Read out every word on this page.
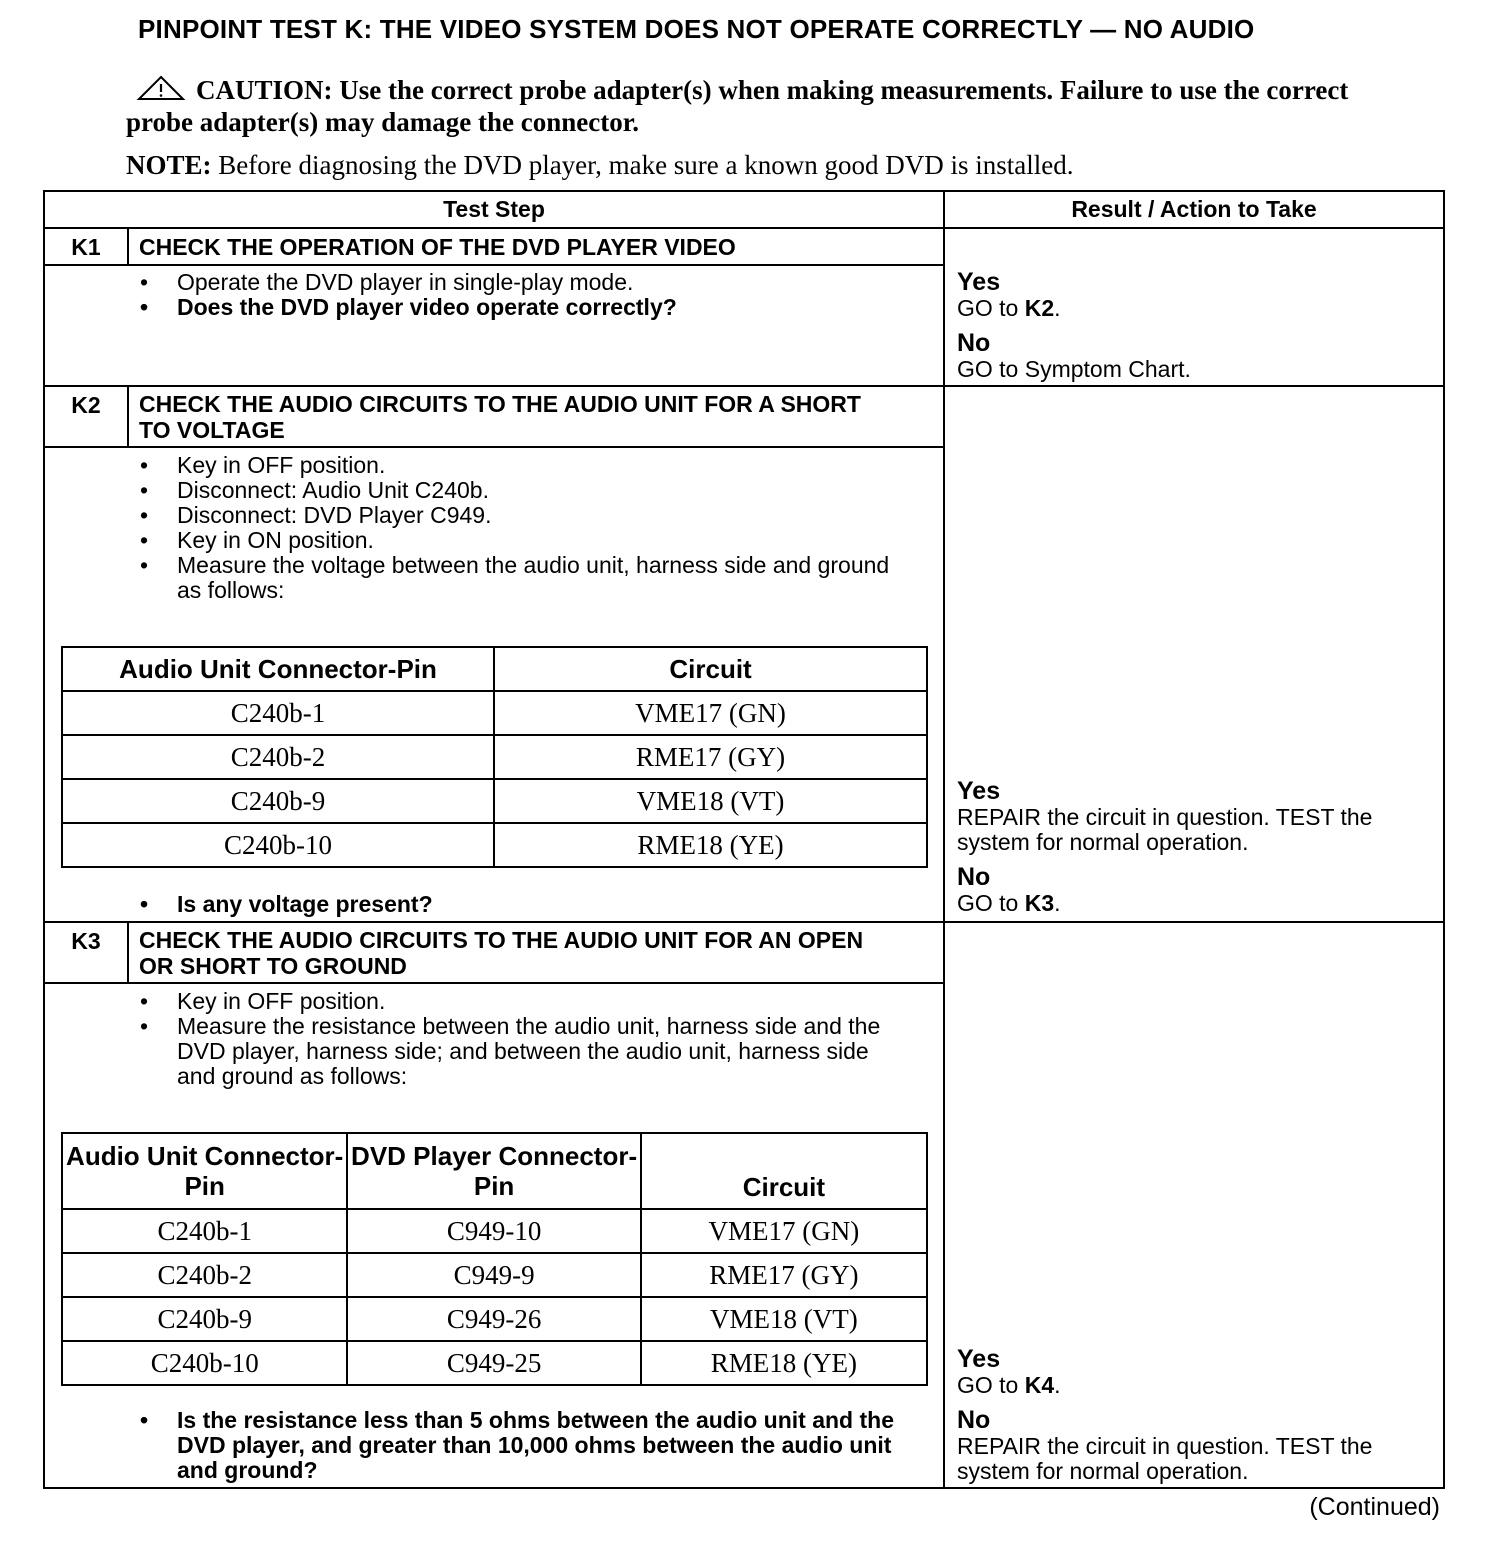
PINPOINT TEST K: THE VIDEO SYSTEM DOES NOT OPERATE CORRECTLY — NO AUDIO
CAUTION: Use the correct probe adapter(s) when making measurements. Failure to use the correct probe adapter(s) may damage the connector.
NOTE: Before diagnosing the DVD player, make sure a known good DVD is installed.
Test Step	Result / Action to Take
K1	CHECK THE OPERATION OF THE DVD PLAYER VIDEO
• Operate the DVD player in single-play mode.
• Does the DVD player video operate correctly?
Yes
GO to K2.
No
GO to Symptom Chart.
K2	CHECK THE AUDIO CIRCUITS TO THE AUDIO UNIT FOR A SHORT TO VOLTAGE
• Key in OFF position.
• Disconnect: Audio Unit C240b.
• Disconnect: DVD Player C949.
• Key in ON position.
• Measure the voltage between the audio unit, harness side and ground as follows:
Audio Unit Connector-Pin	Circuit
C240b-1	VME17 (GN)
C240b-2	RME17 (GY)
C240b-9	VME18 (VT)
C240b-10	RME18 (YE)
• Is any voltage present?
Yes
REPAIR the circuit in question. TEST the system for normal operation.
No
GO to K3.
K3	CHECK THE AUDIO CIRCUITS TO THE AUDIO UNIT FOR AN OPEN OR SHORT TO GROUND
• Key in OFF position.
• Measure the resistance between the audio unit, harness side and the DVD player, harness side; and between the audio unit, harness side and ground as follows:
Audio Unit Connector-Pin	DVD Player Connector-Pin	Circuit
C240b-1	C949-10	VME17 (GN)
C240b-2	C949-9	RME17 (GY)
C240b-9	C949-26	VME18 (VT)
C240b-10	C949-25	RME18 (YE)
• Is the resistance less than 5 ohms between the audio unit and the DVD player, and greater than 10,000 ohms between the audio unit and ground?
Yes
GO to K4.
No
REPAIR the circuit in question. TEST the system for normal operation.
(Continued)
